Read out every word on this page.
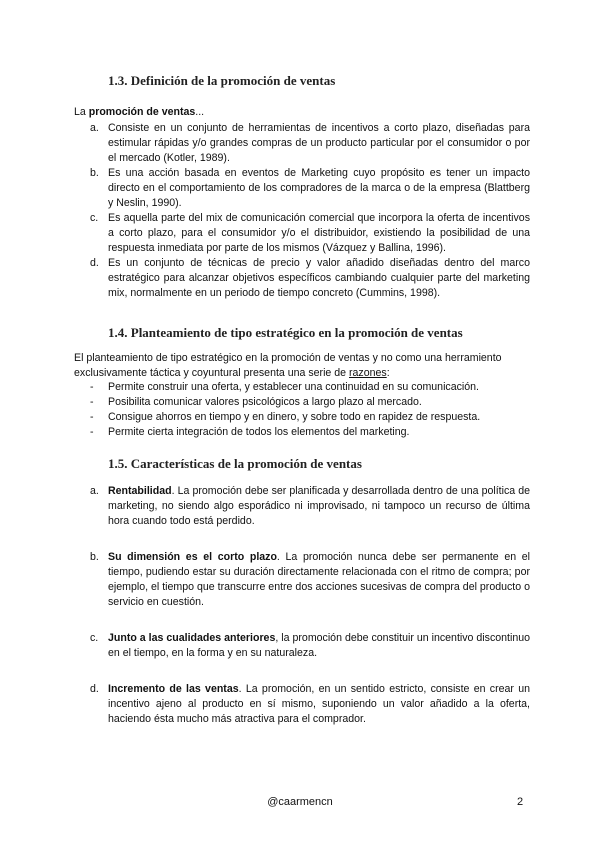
1.3. Definición de la promoción de ventas
La promoción de ventas...
a. Consiste en un conjunto de herramientas de incentivos a corto plazo, diseñadas para estimular rápidas y/o grandes compras de un producto particular por el consumidor o por el mercado (Kotler, 1989).
b. Es una acción basada en eventos de Marketing cuyo propósito es tener un impacto directo en el comportamiento de los compradores de la marca o de la empresa (Blattberg y Neslin, 1990).
c. Es aquella parte del mix de comunicación comercial que incorpora la oferta de incentivos a corto plazo, para el consumidor y/o el distribuidor, existiendo la posibilidad de una respuesta inmediata por parte de los mismos (Vázquez y Ballina, 1996).
d. Es un conjunto de técnicas de precio y valor añadido diseñadas dentro del marco estratégico para alcanzar objetivos específicos cambiando cualquier parte del marketing mix, normalmente en un periodo de tiempo concreto (Cummins, 1998).
1.4. Planteamiento de tipo estratégico en la promoción de ventas
El planteamiento de tipo estratégico en la promoción de ventas y no como una herramiento exclusivamente táctica y coyuntural presenta una serie de razones:
- Permite construir una oferta, y establecer una continuidad en su comunicación.
- Posibilita comunicar valores psicológicos a largo plazo al mercado.
- Consigue ahorros en tiempo y en dinero, y sobre todo en rapidez de respuesta.
- Permite cierta integración de todos los elementos del marketing.
1.5. Características de la promoción de ventas
a. Rentabilidad. La promoción debe ser planificada y desarrollada dentro de una política de marketing, no siendo algo esporádico ni improvisado, ni tampoco un recurso de última hora cuando todo está perdido.
b. Su dimensión es el corto plazo. La promoción nunca debe ser permanente en el tiempo, pudiendo estar su duración directamente relacionada con el ritmo de compra; por ejemplo, el tiempo que transcurre entre dos acciones sucesivas de compra del producto o servicio en cuestión.
c. Junto a las cualidades anteriores, la promoción debe constituir un incentivo discontinuo en el tiempo, en la forma y en su naturaleza.
d. Incremento de las ventas. La promoción, en un sentido estricto, consiste en crear un incentivo ajeno al producto en sí mismo, suponiendo un valor añadido a la oferta, haciendo ésta mucho más atractiva para el comprador.
@caarmencn	2
